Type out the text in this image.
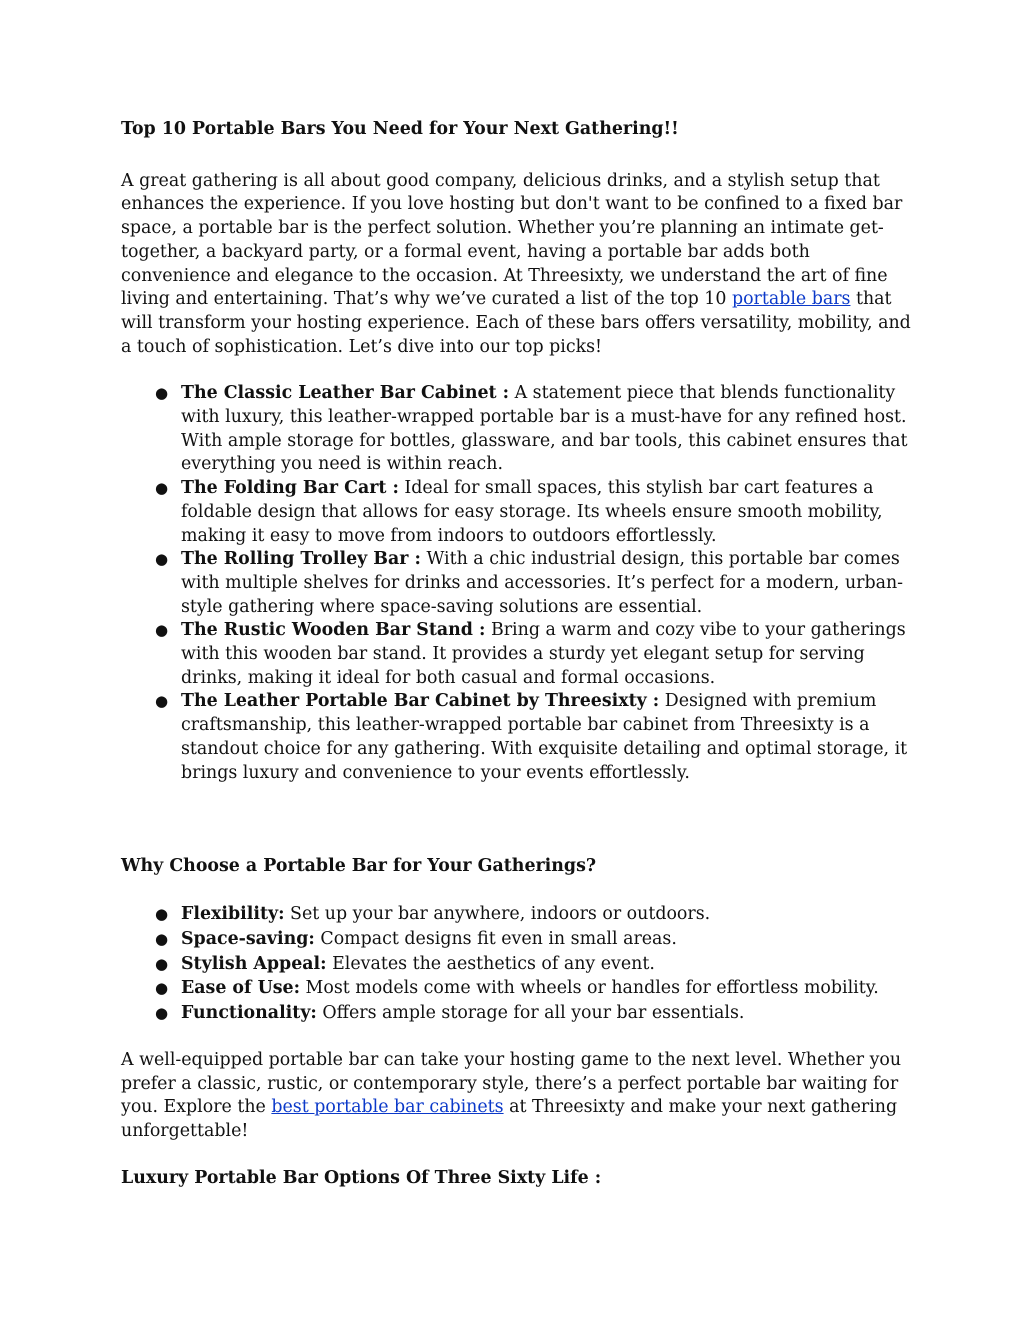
Top 10 Portable Bars You Need for Your Next Gathering!!

A great gathering is all about good company, delicious drinks, and a stylish setup that enhances the experience. If you love hosting but don't want to be confined to a fixed bar space, a portable bar is the perfect solution. Whether you’re planning an intimate get-together, a backyard party, or a formal event, having a portable bar adds both convenience and elegance to the occasion. At Threesixty, we understand the art of fine living and entertaining. That’s why we’ve curated a list of the top 10 portable bars that will transform your hosting experience. Each of these bars offers versatility, mobility, and a touch of sophistication. Let’s dive into our top picks!

● The Classic Leather Bar Cabinet : A statement piece that blends functionality with luxury, this leather-wrapped portable bar is a must-have for any refined host. With ample storage for bottles, glassware, and bar tools, this cabinet ensures that everything you need is within reach.
● The Folding Bar Cart : Ideal for small spaces, this stylish bar cart features a foldable design that allows for easy storage. Its wheels ensure smooth mobility, making it easy to move from indoors to outdoors effortlessly.
● The Rolling Trolley Bar : With a chic industrial design, this portable bar comes with multiple shelves for drinks and accessories. It’s perfect for a modern, urban-style gathering where space-saving solutions are essential.
● The Rustic Wooden Bar Stand : Bring a warm and cozy vibe to your gatherings with this wooden bar stand. It provides a sturdy yet elegant setup for serving drinks, making it ideal for both casual and formal occasions.
● The Leather Portable Bar Cabinet by Threesixty : Designed with premium craftsmanship, this leather-wrapped portable bar cabinet from Threesixty is a standout choice for any gathering. With exquisite detailing and optimal storage, it brings luxury and convenience to your events effortlessly.

Why Choose a Portable Bar for Your Gatherings?

● Flexibility: Set up your bar anywhere, indoors or outdoors.
● Space-saving: Compact designs fit even in small areas.
● Stylish Appeal: Elevates the aesthetics of any event.
● Ease of Use: Most models come with wheels or handles for effortless mobility.
● Functionality: Offers ample storage for all your bar essentials.

A well-equipped portable bar can take your hosting game to the next level. Whether you prefer a classic, rustic, or contemporary style, there’s a perfect portable bar waiting for you. Explore the best portable bar cabinets at Threesixty and make your next gathering unforgettable!

Luxury Portable Bar Options Of Three Sixty Life :
